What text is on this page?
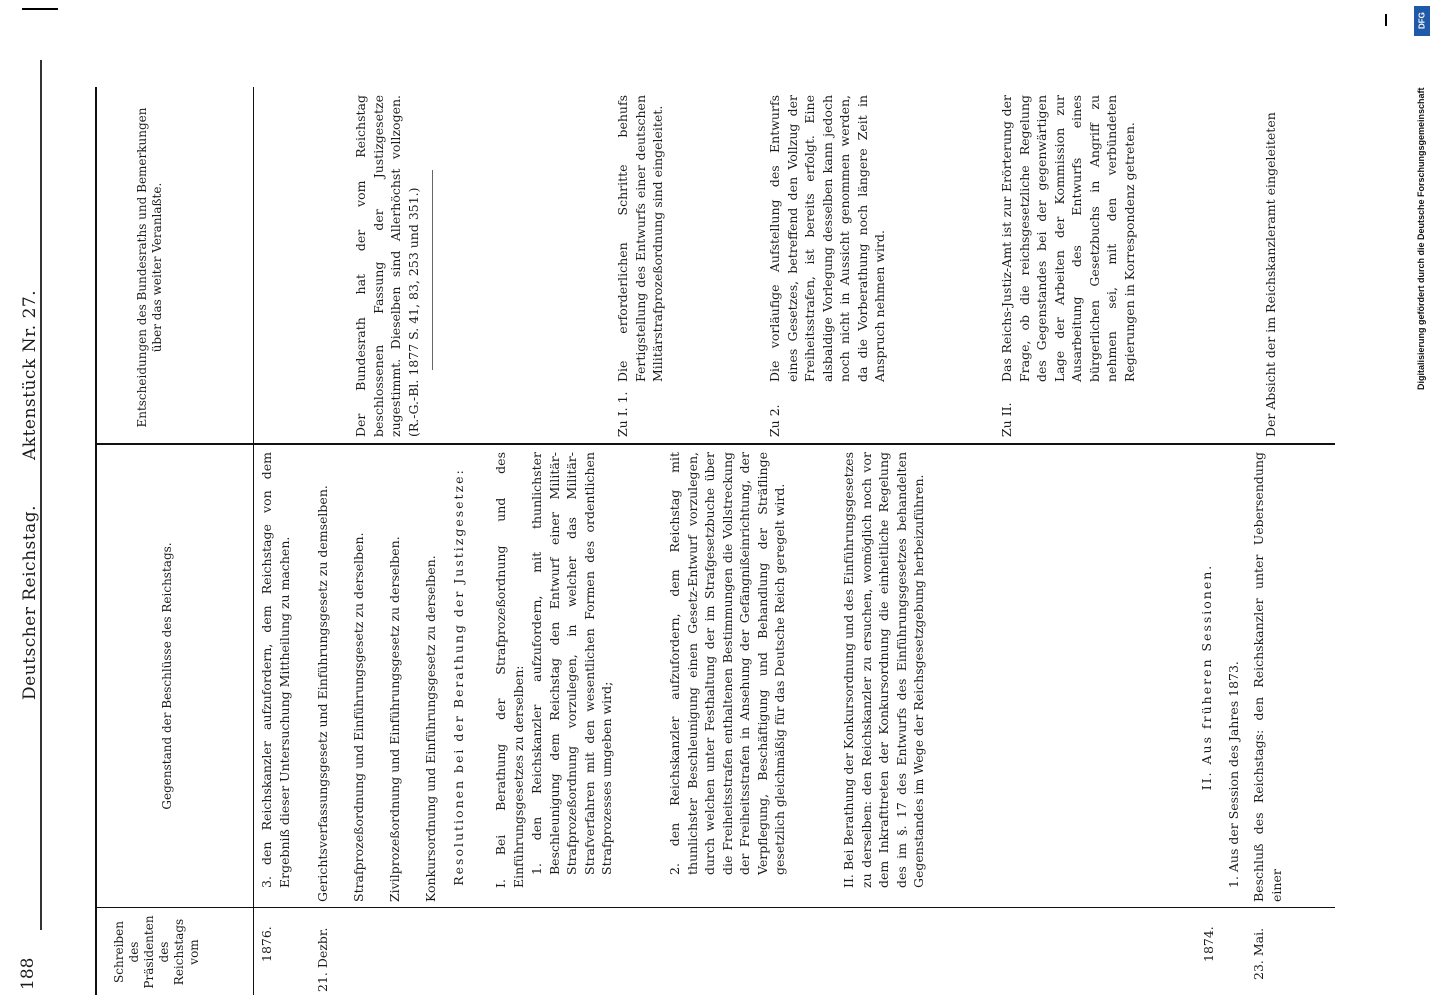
188
Deutscher Reichstag.
Aktenstück Nr. 27.
Schreiben des Präsidenten des Reichstags vom
Gegenstand der Beschlüsse des Reichstags.
Entscheidungen des Bundesraths und Bemerkungen über das weiter Veranlaßte.
1876.
3. den Reichskanzler aufzufordern, dem Reichstage von dem Ergebniß dieser Untersuchung Mittheilung zu machen.
21. Dezbr.
Gerichtsverfassungsgesetz und Einführungsgesetz zu demselben. Strafprozeßordnung und Einführungsgesetz zu derselben. Zivilprozeßordnung und Einführungsgesetz zu derselben. Konkursordnung und Einführungsgesetz zu derselben.
Der Bundesrath hat der vom Reichstag beschlossenen Fassung der Justizgesetze zugestimmt. Dieselben sind Allerhöchst vollzogen. (R.-G.-Bl. 1877 S. 41, 83, 253 und 351.)
Resolutionen bei der Berathung der Justizgesetze: I. Bei Berathung der Strafprozeßordnung und des Einführungsgesetzes zu derselben: 1. den Reichskanzler aufzufordern, mit thunlichster Beschleunigung dem Reichstag den Entwurf einer Militär-Strafprozeßordnung vorzulegen, in welcher das Militär-Strafverfahren mit den wesentlichen Formen des ordentlichen Strafprozesses umgeben wird;
Zu I. 1.
Die erforderlichen Schritte behufs Fertigstellung des Entwurfs einer deutschen Militärstrafprozeßordnung sind eingeleitet.
2. den Reichskanzler aufzufordern, dem Reichstag mit thunlichster Beschleunigung einen Gesetz-Entwurf vorzulegen, durch welchen unter Festhaltung der im Strafgesetzbuche über die Freiheitsstrafen enthaltenen Bestimmungen die Vollstreckung der Freiheitsstrafen in Ansehung der Gefängnißeinrichtung, der Verpflegung, Beschäftigung und Behandlung der Sträflinge gesetzlich gleichmäßig für das Deutsche Reich geregelt wird.
Zu 2.
Die vorläufige Aufstellung des Entwurfs eines Gesetzes, betreffend den Vollzug der Freiheitsstrafen, ist bereits erfolgt. Eine alsbaldige Vorlegung desselben kann jedoch noch nicht in Aussicht genommen werden, da die Vorberathung noch längere Zeit in Anspruch nehmen wird.
II. Bei Berathung der Konkursordnung und des Einführungsgesetzes zu derselben: den Reichskanzler zu ersuchen, womöglich noch vor dem Inkrafttreten der Konkursordnung die einheitliche Regelung des im §. 17 des Entwurfs des Einführungsgesetzes behandelten Gegenstandes im Wege der Reichsgesetzgebung herbeizuführen.
Zu II.
Das Reichs-Justiz-Amt ist zur Erörterung der Frage, ob die reichsgesetzliche Regelung des Gegenstandes bei der gegenwärtigen Lage der Arbeiten der Kommission zur Ausarbeitung des Entwurfs eines bürgerlichen Gesetzbuchs in Angriff zu nehmen sei, mit den verbündeten Regierungen in Korrespondenz getreten.
II. Aus früheren Sessionen. 1. Aus der Session des Jahres 1873.
1874.	23. Mai.
Beschluß des Reichstags: den Reichskanzler unter Uebersendung einer
Der Absicht der im Reichskanzleramt eingeleiteten
DFG
Digitalisierung gefördert durch die Deutsche Forschungsgemeinschaft
